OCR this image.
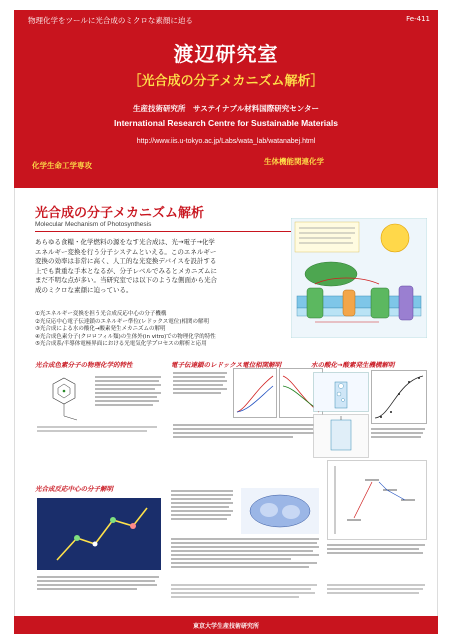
物理化学をツールに光合成のミクロな素顔に迫る	Fe-411
渡辺研究室
［光合成の分子メカニズム解析］
生産技術研究所　サステイナブル材料国際研究センター
International Research Centre for Sustainable Materials
http://www.iis.u-tokyo.ac.jp/Labs/wata_lab/watanabej.html
化学生命工学専攻	生体機能関連化学
光合成の分子メカニズム解析
Molecular Mechanism of Photosynthesis
あらゆる食糧・化学燃料の源をなす光合成は、光→電子→化学
エネルギー変換を行う分子システムといえる。このエネルギー
変換の効率は非常に高く、人工的な光変換デバイスを設計する
上でも貴重な手本となるが、分子レベルでみるとメカニズムに
まだ不明な点が多い。当研究室では以下のような側面から光合
成のミクロな素顔に迫っている。
①光エネルギー変換を担う光合成反応中心の分子機構
②光反応中心電子伝達鎖のエネルギー準位(レドックス電位)相関の解明
③光合成による水の酸化→酸素発生メカニズムの解明
④光合成色素分子(クロロフィル類)の生体外(in vitro)での物理化学的特性
⑤光合成系/半導体電極界面における光電気化学プロセスの解析と応用
光合成色素分子の物理化学的特性	電子伝達鎖のレドックス電位相関解明	水の酸化→酸素発生機構解明
光合成反応中心の分子解明
東京大学生産技術研究所
